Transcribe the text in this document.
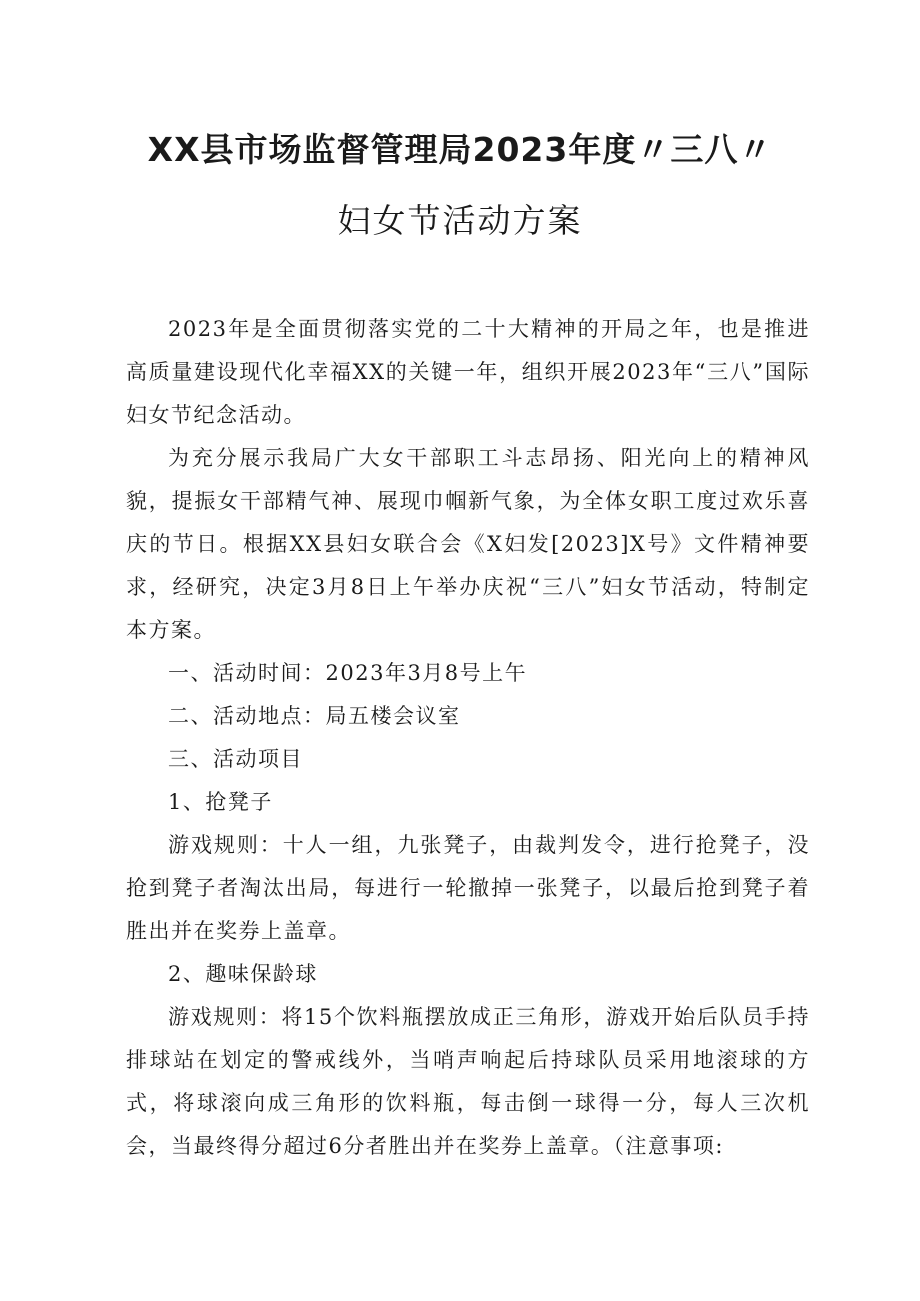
XX县市场监督管理局2023年度〃三八〃
妇女节活动方案

2023年是全面贯彻落实党的二十大精神的开局之年，也是推进高质量建设现代化幸福XX的关键一年，组织开展2023年“三八”国际妇女节纪念活动。

为充分展示我局广大女干部职工斗志昂扬、阳光向上的精神风貌，提振女干部精气神、展现巾帼新气象，为全体女职工度过欢乐喜庆的节日。根据XX县妇女联合会《X妇发[2023]X号》文件精神要求，经研究，决定3月8日上午举办庆祝“三八”妇女节活动，特制定本方案。

一、活动时间：2023年3月8号上午

二、活动地点：局五楼会议室

三、活动项目

1、抢凳子

游戏规则：十人一组，九张凳子，由裁判发令，进行抢凳子，没抢到凳子者淘汰出局，每进行一轮撤掉一张凳子，以最后抢到凳子着胜出并在奖券上盖章。

2、趣味保龄球

游戏规则：将15个饮料瓶摆放成正三角形，游戏开始后队员手持排球站在划定的警戒线外，当哨声响起后持球队员采用地滚球的方式，将球滚向成三角形的饮料瓶，每击倒一球得一分，每人三次机会，当最终得分超过6分者胜出并在奖券上盖章。（注意事项:
